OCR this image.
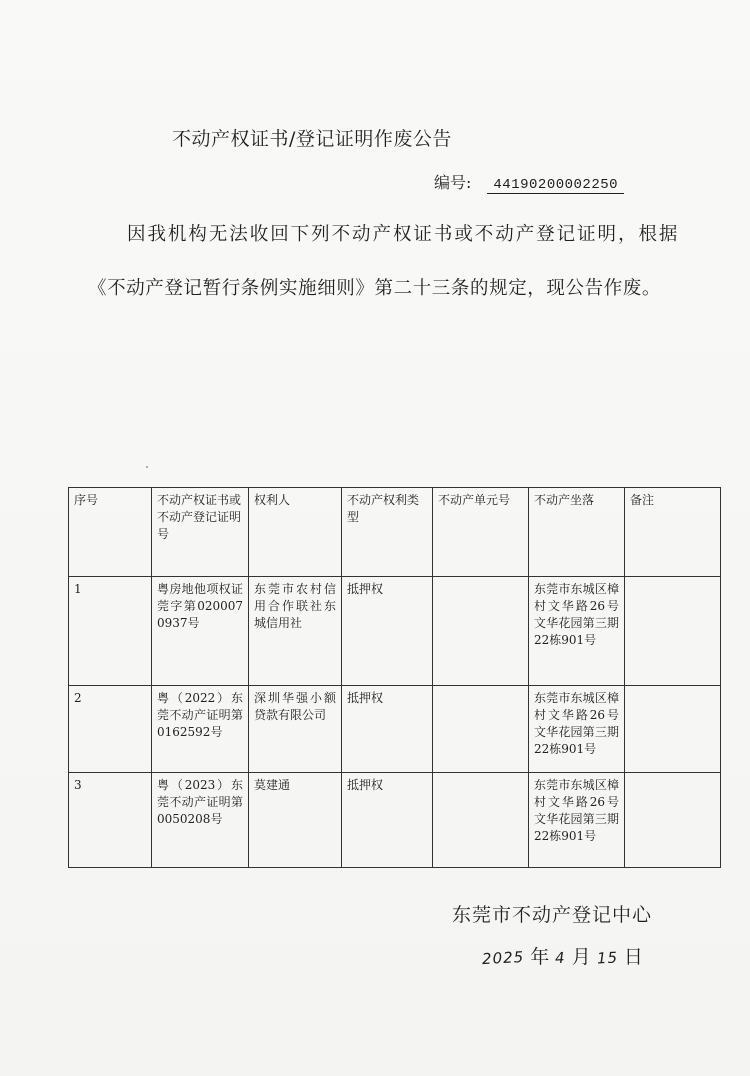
不动产权证书/登记证明作废公告
编号: 44190200002250
因我机构无法收回下列不动产权证书或不动产登记证明，根据《不动产登记暂行条例实施细则》第二十三条的规定，现公告作废。
序号	不动产权证书或不动产登记证明号	权利人	不动产权利类型	不动产单元号	不动产坐落	备注
1	粤房地他项权证莞字第0200070937号	东莞市农村信用合作联社东城信用社	抵押权		东莞市东城区樟村文华路26号文华花园第三期22栋901号	
2	粤（2022）东莞不动产证明第0162592号	深圳华强小额贷款有限公司	抵押权		东莞市东城区樟村文华路26号文华花园第三期22栋901号	
3	粤（2023）东莞不动产证明第0050208号	莫建通	抵押权		东莞市东城区樟村文华路26号文华花园第三期22栋901号	
东莞市不动产登记中心
2025 年 4 月 15 日
